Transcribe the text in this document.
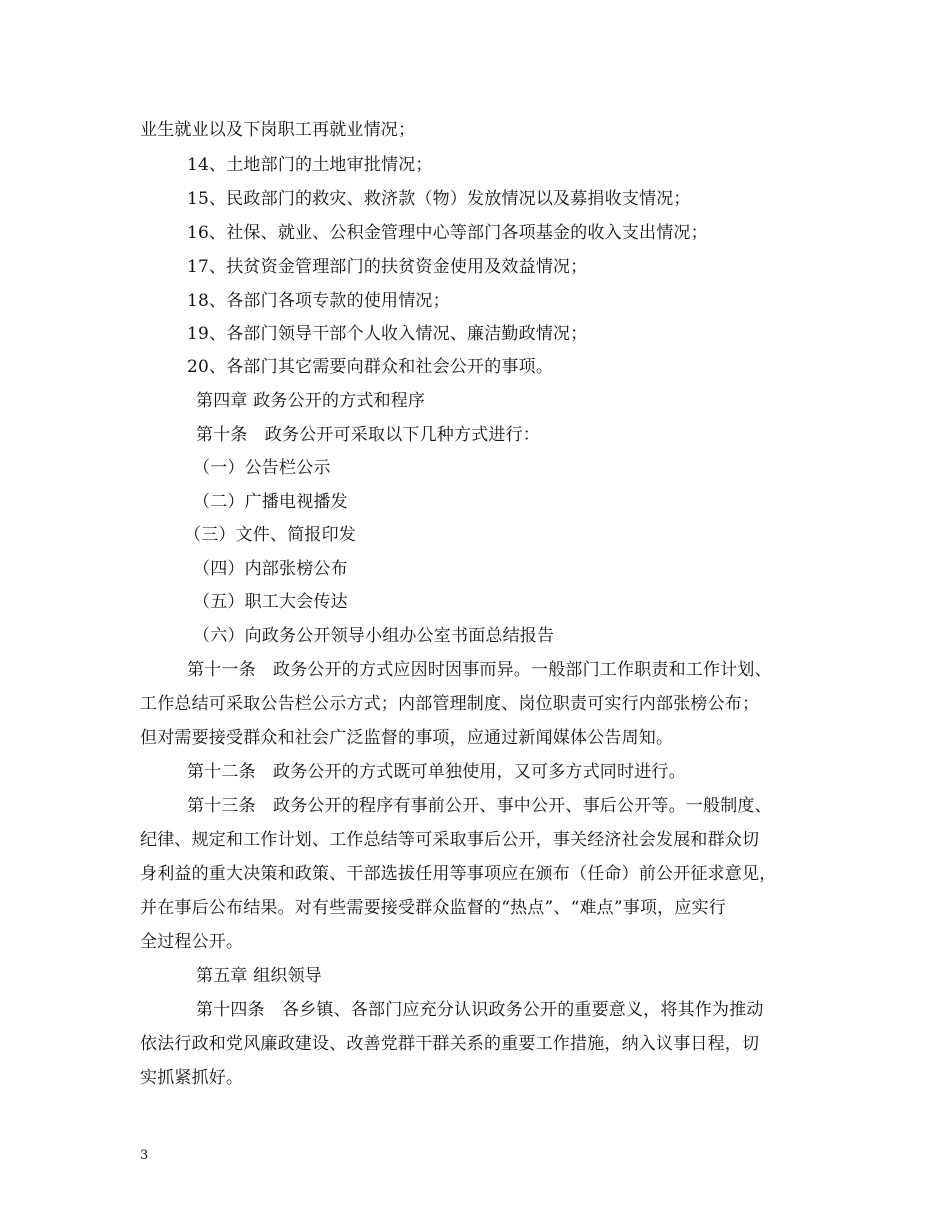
业生就业以及下岗职工再就业情况；
14、土地部门的土地审批情况；
15、民政部门的救灾、救济款（物）发放情况以及募捐收支情况；
16、社保、就业、公积金管理中心等部门各项基金的收入支出情况；
17、扶贫资金管理部门的扶贫资金使用及效益情况；
18、各部门各项专款的使用情况；
19、各部门领导干部个人收入情况、廉洁勤政情况；
20、各部门其它需要向群众和社会公开的事项。
第四章 政务公开的方式和程序
第十条　政务公开可采取以下几种方式进行：
（一）公告栏公示
（二）广播电视播发
（三）文件、简报印发
（四）内部张榜公布
（五）职工大会传达
（六）向政务公开领导小组办公室书面总结报告
第十一条　政务公开的方式应因时因事而异。一般部门工作职责和工作计划、
工作总结可采取公告栏公示方式；内部管理制度、岗位职责可实行内部张榜公布；
但对需要接受群众和社会广泛监督的事项，应通过新闻媒体公告周知。
第十二条　政务公开的方式既可单独使用，又可多方式同时进行。
第十三条　政务公开的程序有事前公开、事中公开、事后公开等。一般制度、
纪律、规定和工作计划、工作总结等可采取事后公开，事关经济社会发展和群众切
身利益的重大决策和政策、干部选拔任用等事项应在颁布（任命）前公开征求意见，
并在事后公布结果。对有些需要接受群众监督的“热点”、“难点”事项，应实行
全过程公开。
第五章 组织领导
第十四条　各乡镇、各部门应充分认识政务公开的重要意义，将其作为推动
依法行政和党风廉政建设、改善党群干群关系的重要工作措施，纳入议事日程，切
实抓紧抓好。
3
